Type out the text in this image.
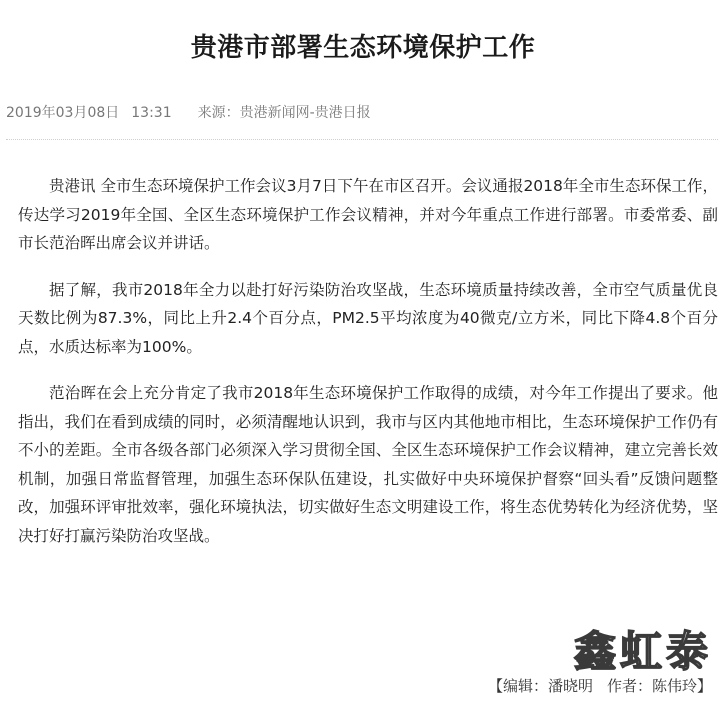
贵港市部署生态环境保护工作
2019年03月08日 13:31 来源：贵港新闻网-贵港日报

贵港讯 全市生态环境保护工作会议3月7日下午在市区召开。会议通报2018年全市生态环保工作，传达学习2019年全国、全区生态环境保护工作会议精神，并对今年重点工作进行部署。市委常委、副市长范治晖出席会议并讲话。

据了解，我市2018年全力以赴打好污染防治攻坚战，生态环境质量持续改善，全市空气质量优良天数比例为87.3%，同比上升2.4个百分点，PM2.5平均浓度为40微克/立方米，同比下降4.8个百分点，水质达标率为100%。

范治晖在会上充分肯定了我市2018年生态环境保护工作取得的成绩，对今年工作提出了要求。他指出，我们在看到成绩的同时，必须清醒地认识到，我市与区内其他地市相比，生态环境保护工作仍有不小的差距。全市各级各部门必须深入学习贯彻全国、全区生态环境保护工作会议精神，建立完善长效机制，加强日常监督管理，加强生态环保队伍建设，扎实做好中央环境保护督察“回头看”反馈问题整改，加强环评审批效率，强化环境执法，切实做好生态文明建设工作，将生态优势转化为经济优势，坚决打好打赢污染防治攻坚战。

鑫虹泰
【编辑：潘晓明 作者：陈伟玲】
